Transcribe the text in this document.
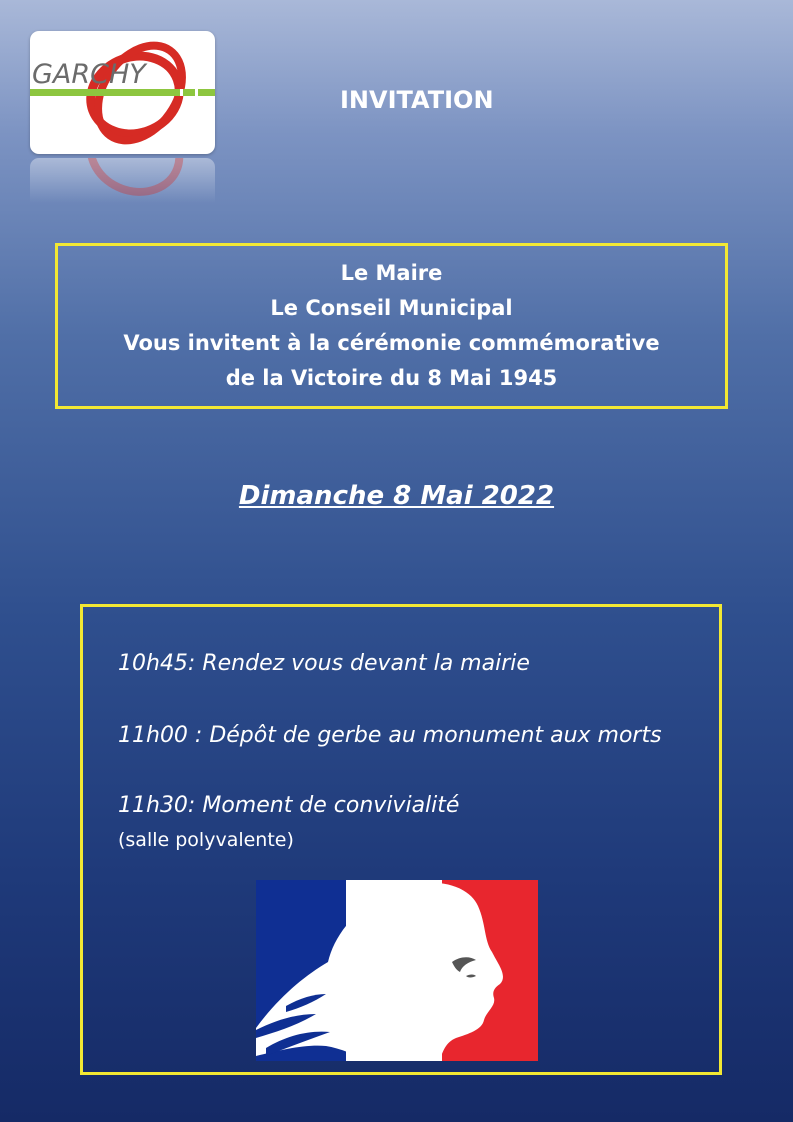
GARCHY
INVITATION
Le Maire
Le Conseil Municipal
Vous invitent à la cérémonie commémorative
de la Victoire du 8 Mai 1945
Dimanche 8 Mai 2022
10h45: Rendez vous devant la mairie
11h00 : Dépôt de gerbe au monument aux morts
11h30: Moment de convivialité
(salle polyvalente)
